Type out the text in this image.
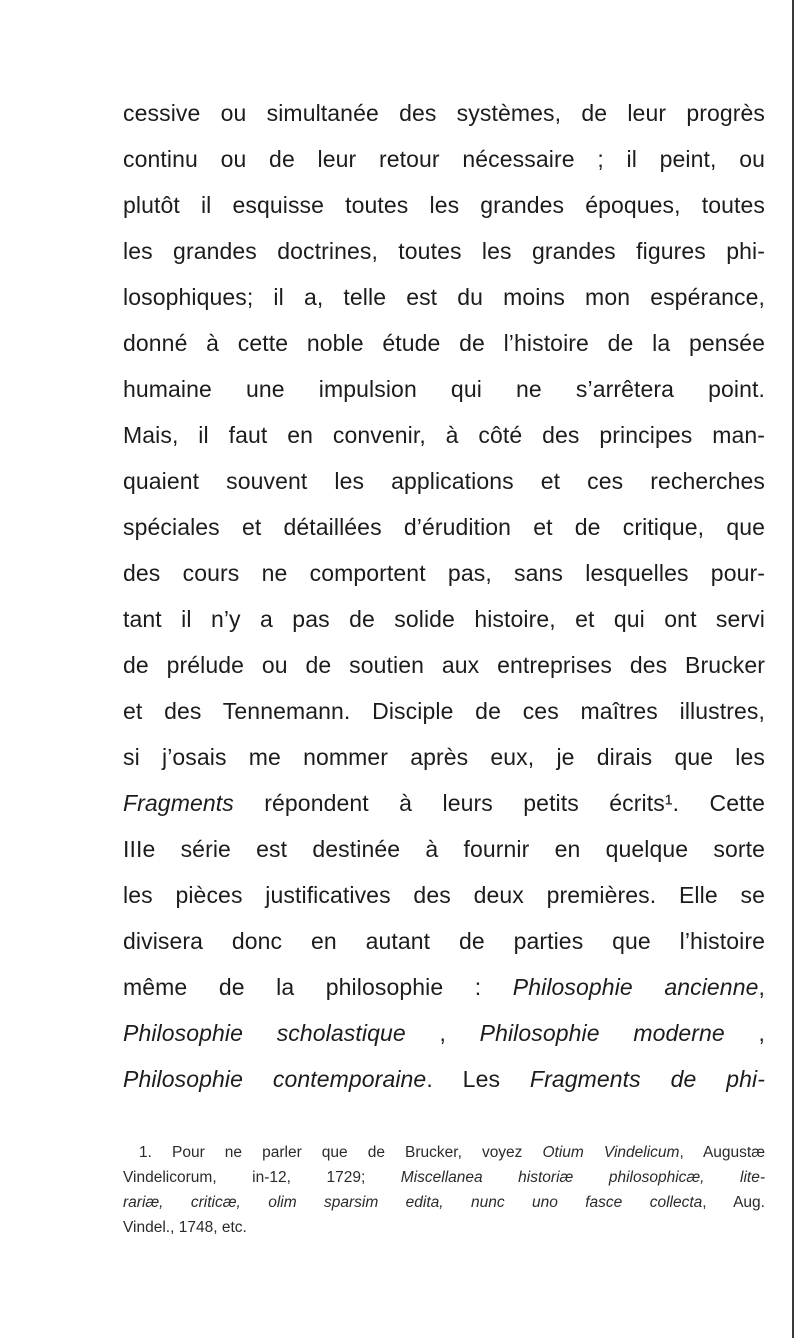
cessive ou simultanée des systèmes, de leur progrès
continu ou de leur retour nécessaire ; il peint, ou
plutôt il esquisse toutes les grandes époques, toutes
les grandes doctrines, toutes les grandes figures phi-
losophiques; il a, telle est du moins mon espérance,
donné à cette noble étude de l’histoire de la pensée
humaine une impulsion qui ne s’arrêtera point.
Mais, il faut en convenir, à côté des principes man-
quaient souvent les applications et ces recherches
spéciales et détaillées d’érudition et de critique, que
des cours ne comportent pas, sans lesquelles pour-
tant il n’y a pas de solide histoire, et qui ont servi
de prélude ou de soutien aux entreprises des Brucker
et des Tennemann. Disciple de ces maîtres illustres,
si j’osais me nommer après eux, je dirais que les
Fragments répondent à leurs petits écrits¹. Cette
IIIe série est destinée à fournir en quelque sorte
les pièces justificatives des deux premières. Elle se
divisera donc en autant de parties que l’histoire
même de la philosophie : Philosophie ancienne,
Philosophie scholastique , Philosophie moderne ,
Philosophie contemporaine. Les Fragments de phi-
1. Pour ne parler que de Brucker, voyez Otium Vindelicum, Augustæ
Vindelicorum, in-12, 1729; Miscellanea historiæ philosophicæ, lite-
rariæ, criticæ, olim sparsim edita, nunc uno fasce collecta, Aug.
Vindel., 1748, etc.
